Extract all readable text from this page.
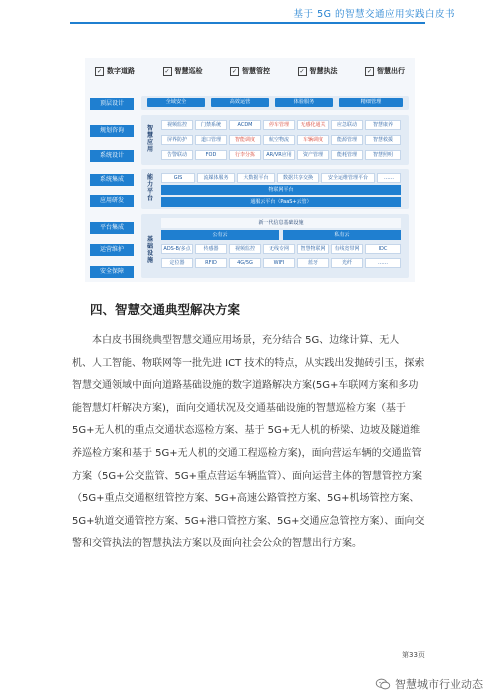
基于 5G 的智慧交通应用实践白皮书
✓ 数字道路	✓ 智慧巡检	✓ 智慧管控	✓ 智慧执法	✓ 智慧出行
顶层设计
规划咨询
系统设计
系统集成
应用研发
平台集成
运营维护
安全保障
全域安全	高效运营	体验服务	精细管理
智慧应用
视频监控	门禁系统	ACDM	停车管理	无感化通关	应急联动	智慧康养
屏界防护	道口管理	智能调度	航空物流	车辆调度	能源管理	智慧救援
告警联动	FOD	行李分拣	AR/VR应用	资产管理	能耗管理	智慧照明
能力平台
GIS	流媒体服务	大数据平台	数据共享交换	安全运维管理平台	……
物联网平台
通服云平台（PaaS+云管）
基础设施
新一代信息基础设施
公有云	私有云
ADS-B/多点	传感器	视频监控	无线专网	智慧物联网	有线宽带网	IDC
定位器	RFID	4G/5G	WIFI	蓝牙	光纤	……
四、智慧交通典型解决方案
　　本白皮书围绕典型智慧交通应用场景，充分结合 5G、边缘计算、无人
机、人工智能、物联网等一批先进 ICT 技术的特点，从实践出发抛砖引玉，探索
智慧交通领域中面向道路基础设施的数字道路解决方案(5G+车联网方案和多功
能智慧灯杆解决方案)，面向交通状况及交通基础设施的智慧巡检方案（基于
5G+无人机的重点交通状态巡检方案、基于 5G+无人机的桥梁、边坡及隧道维
养巡检方案和基于 5G+无人机的交通工程巡检方案)，面向营运车辆的交通监管
方案（5G+公交监管、5G+重点营运车辆监管）、面向运营主体的智慧管控方案
（5G+重点交通枢纽管控方案、5G+高速公路管控方案、5G+机场管控方案、
5G+轨道交通管控方案、5G+港口管控方案、5G+交通应急管控方案）、面向交
警和交管执法的智慧执法方案以及面向社会公众的智慧出行方案。
第33页
智慧城市行业动态
